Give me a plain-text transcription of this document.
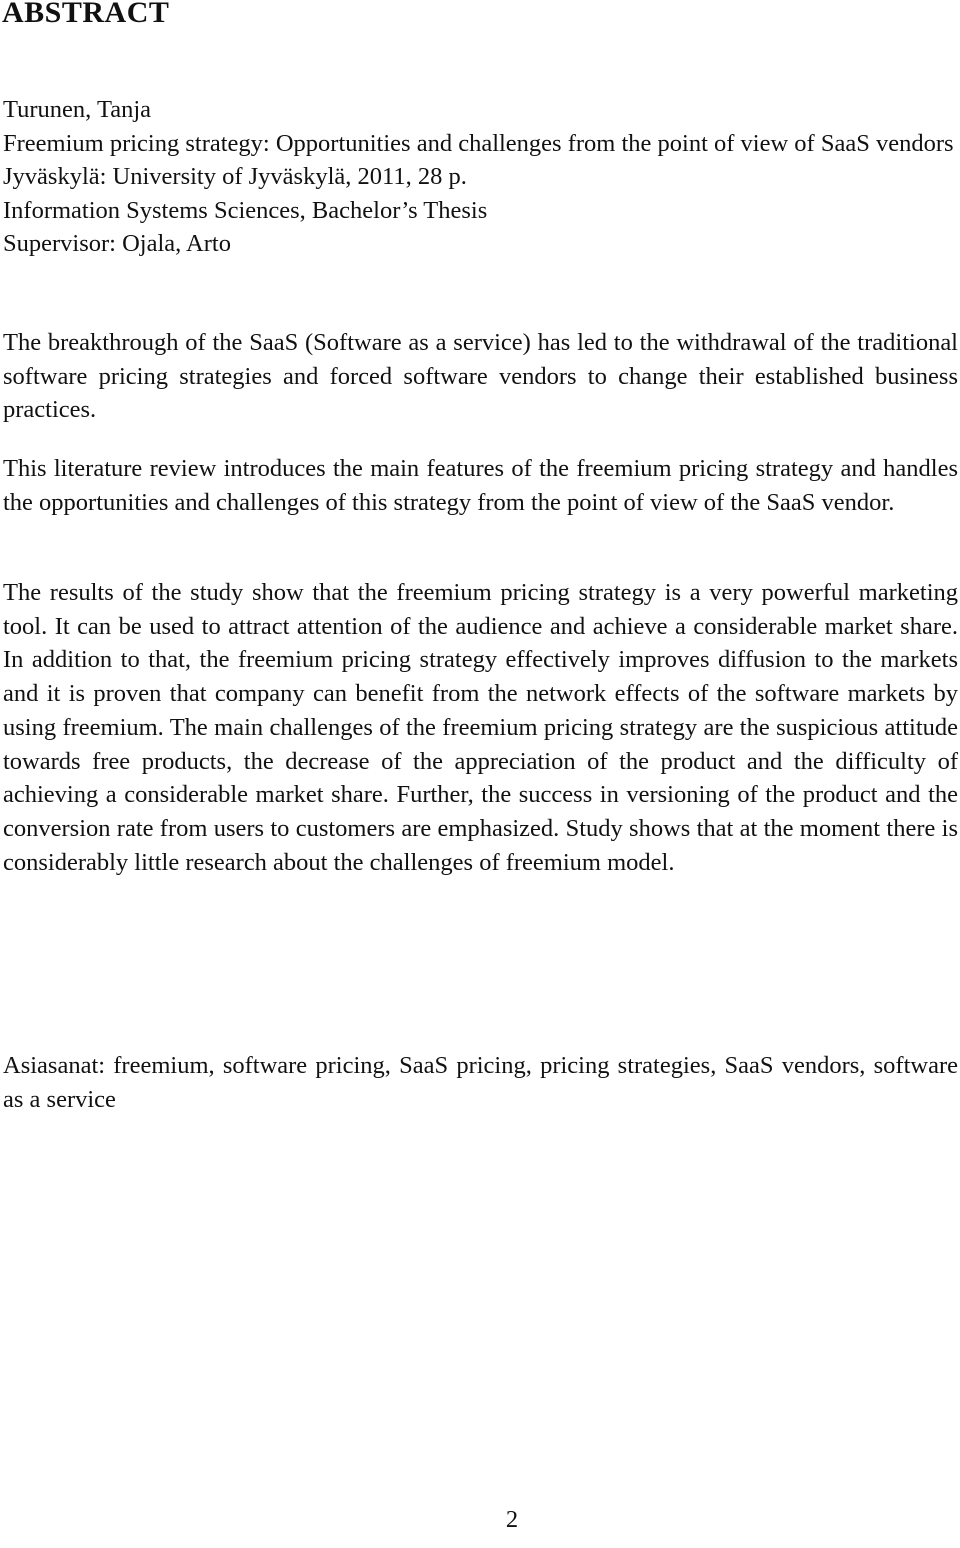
ABSTRACT
Turunen, Tanja
Freemium pricing strategy: Opportunities and challenges from the point of view of SaaS vendors
Jyväskylä: University of Jyväskylä, 2011, 28 p.
Information Systems Sciences, Bachelor’s Thesis
Supervisor: Ojala, Arto

The breakthrough of the SaaS (Software as a service) has led to the withdrawal of the traditional software pricing strategies and forced software vendors to change their established business practices.

This literature review introduces the main features of the freemium pricing strategy and handles the opportunities and challenges of this strategy from the point of view of the SaaS vendor.

The results of the study show that the freemium pricing strategy is a very powerful marketing tool. It can be used to attract attention of the audience and achieve a considerable market share. In addition to that, the freemium pricing strategy effectively improves diffusion to the markets and it is proven that company can benefit from the network effects of the software markets by using freemium. The main challenges of the freemium pricing strategy are the suspicious attitude towards free products, the decrease of the appreciation of the product and the difficulty of achieving a considerable market share. Further, the success in versioning of the product and the conversion rate from users to customers are emphasized. Study shows that at the moment there is considerably little research about the challenges of freemium model.

Asiasanat: freemium, software pricing, SaaS pricing, pricing strategies, SaaS vendors, software as a service

2
